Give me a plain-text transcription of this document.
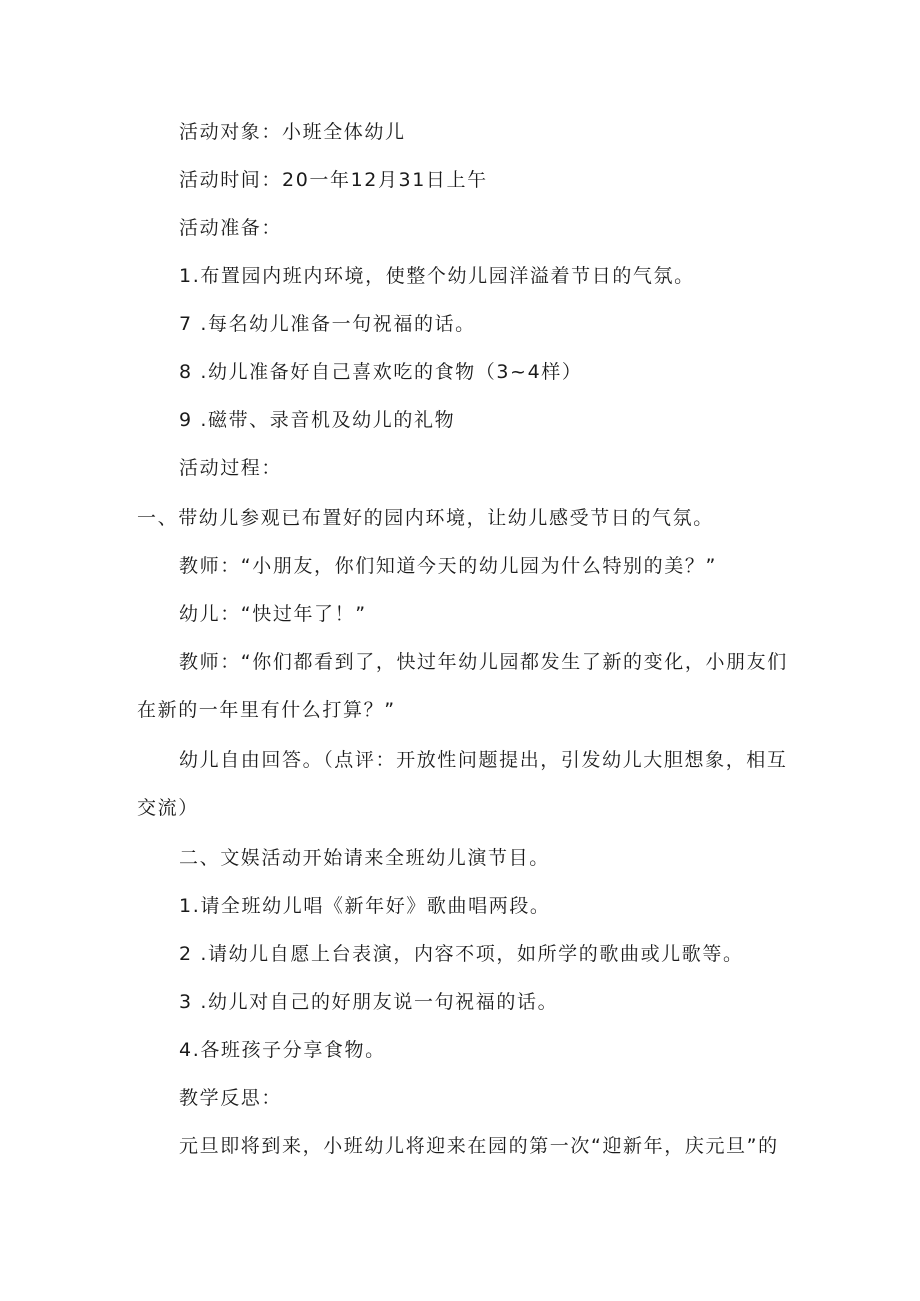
活动对象：小班全体幼儿

活动时间：20一年12月31日上午

活动准备：

1.布置园内班内环境，使整个幼儿园洋溢着节日的气氛。

7 .每名幼儿准备一句祝福的话。

8 .幼儿准备好自己喜欢吃的食物（3~4样）

9 .磁带、录音机及幼儿的礼物

活动过程：

一、带幼儿参观已布置好的园内环境，让幼儿感受节日的气氛。

教师：“小朋友，你们知道今天的幼儿园为什么特别的美？”

幼儿：“快过年了！”

教师：“你们都看到了，快过年幼儿园都发生了新的变化，小朋友们

在新的一年里有什么打算？”

幼儿自由回答。（点评：开放性问题提出，引发幼儿大胆想象，相互

交流）

二、文娱活动开始请来全班幼儿演节目。

1.请全班幼儿唱《新年好》歌曲唱两段。

2 .请幼儿自愿上台表演，内容不项，如所学的歌曲或儿歌等。

3 .幼儿对自己的好朋友说一句祝福的话。

4.各班孩子分享食物。

教学反思：

元旦即将到来，小班幼儿将迎来在园的第一次“迎新年，庆元旦”的
